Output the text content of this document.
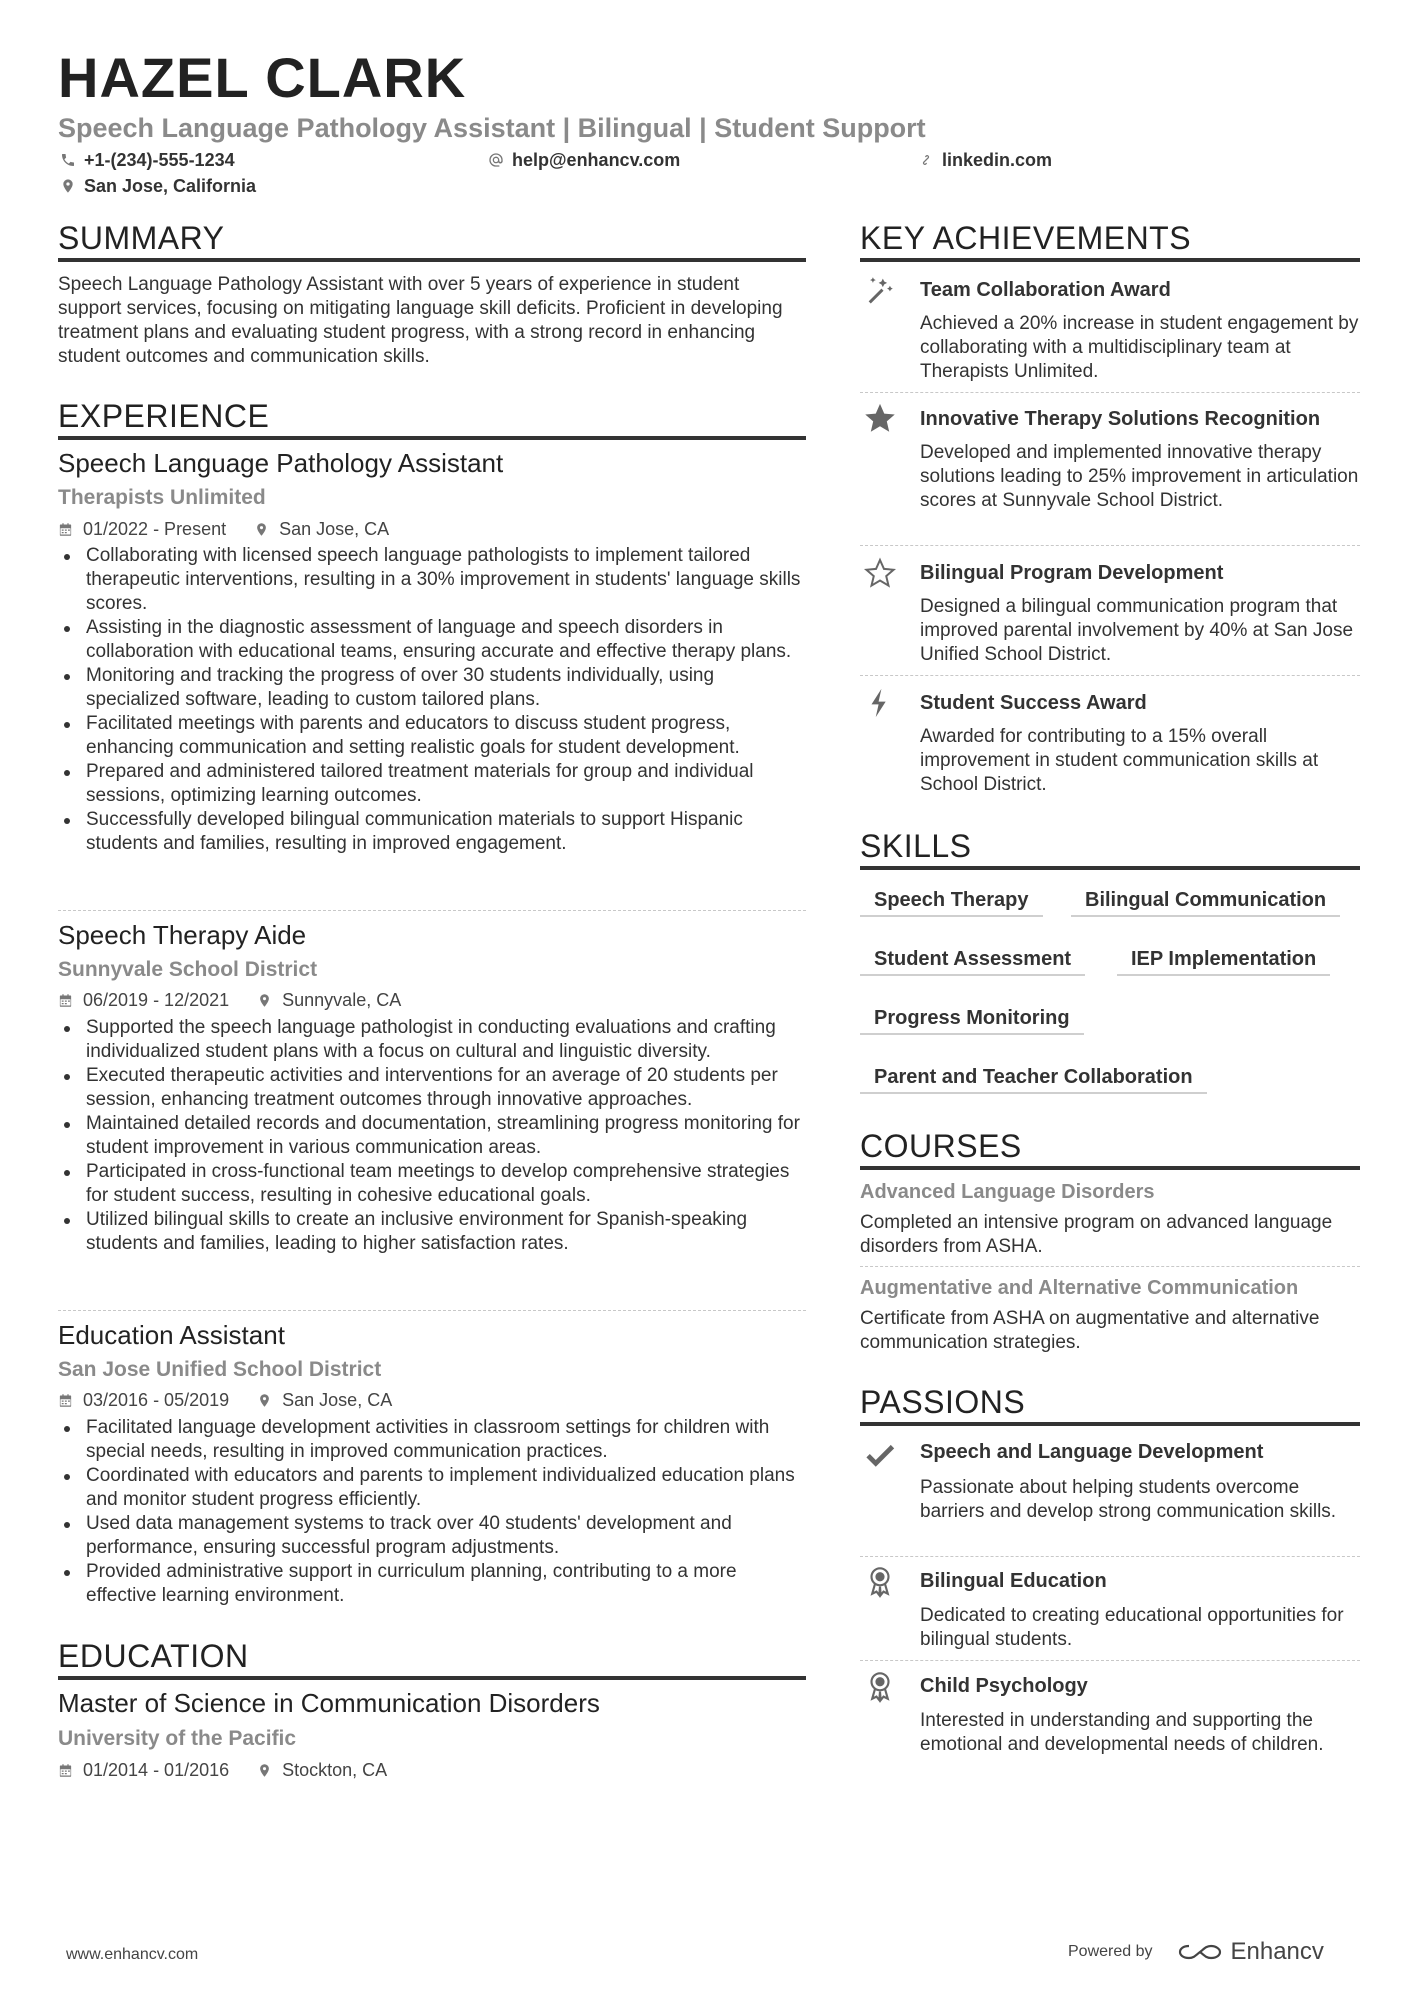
HAZEL CLARK
Speech Language Pathology Assistant | Bilingual | Student Support
+1-(234)-555-1234	help@enhancv.com	linkedin.com
San Jose, California
SUMMARY
Speech Language Pathology Assistant with over 5 years of experience in student support services, focusing on mitigating language skill deficits. Proficient in developing treatment plans and evaluating student progress, with a strong record in enhancing student outcomes and communication skills.
EXPERIENCE
Speech Language Pathology Assistant
Therapists Unlimited
01/2022 - Present	San Jose, CA
Collaborating with licensed speech language pathologists to implement tailored therapeutic interventions, resulting in a 30% improvement in students' language skills scores.
Assisting in the diagnostic assessment of language and speech disorders in collaboration with educational teams, ensuring accurate and effective therapy plans.
Monitoring and tracking the progress of over 30 students individually, using specialized software, leading to custom tailored plans.
Facilitated meetings with parents and educators to discuss student progress, enhancing communication and setting realistic goals for student development.
Prepared and administered tailored treatment materials for group and individual sessions, optimizing learning outcomes.
Successfully developed bilingual communication materials to support Hispanic students and families, resulting in improved engagement.
Speech Therapy Aide
Sunnyvale School District
06/2019 - 12/2021	Sunnyvale, CA
Supported the speech language pathologist in conducting evaluations and crafting individualized student plans with a focus on cultural and linguistic diversity.
Executed therapeutic activities and interventions for an average of 20 students per session, enhancing treatment outcomes through innovative approaches.
Maintained detailed records and documentation, streamlining progress monitoring for student improvement in various communication areas.
Participated in cross-functional team meetings to develop comprehensive strategies for student success, resulting in cohesive educational goals.
Utilized bilingual skills to create an inclusive environment for Spanish-speaking students and families, leading to higher satisfaction rates.
Education Assistant
San Jose Unified School District
03/2016 - 05/2019	San Jose, CA
Facilitated language development activities in classroom settings for children with special needs, resulting in improved communication practices.
Coordinated with educators and parents to implement individualized education plans and monitor student progress efficiently.
Used data management systems to track over 40 students' development and performance, ensuring successful program adjustments.
Provided administrative support in curriculum planning, contributing to a more effective learning environment.
EDUCATION
Master of Science in Communication Disorders
University of the Pacific
01/2014 - 01/2016	Stockton, CA
KEY ACHIEVEMENTS
Team Collaboration Award
Achieved a 20% increase in student engagement by collaborating with a multidisciplinary team at Therapists Unlimited.
Innovative Therapy Solutions Recognition
Developed and implemented innovative therapy solutions leading to 25% improvement in articulation scores at Sunnyvale School District.
Bilingual Program Development
Designed a bilingual communication program that improved parental involvement by 40% at San Jose Unified School District.
Student Success Award
Awarded for contributing to a 15% overall improvement in student communication skills at School District.
SKILLS
Speech Therapy	Bilingual Communication
Student Assessment	IEP Implementation
Progress Monitoring
Parent and Teacher Collaboration
COURSES
Advanced Language Disorders
Completed an intensive program on advanced language disorders from ASHA.
Augmentative and Alternative Communication
Certificate from ASHA on augmentative and alternative communication strategies.
PASSIONS
Speech and Language Development
Passionate about helping students overcome barriers and develop strong communication skills.
Bilingual Education
Dedicated to creating educational opportunities for bilingual students.
Child Psychology
Interested in understanding and supporting the emotional and developmental needs of children.
www.enhancv.com	Powered by	Enhancv
